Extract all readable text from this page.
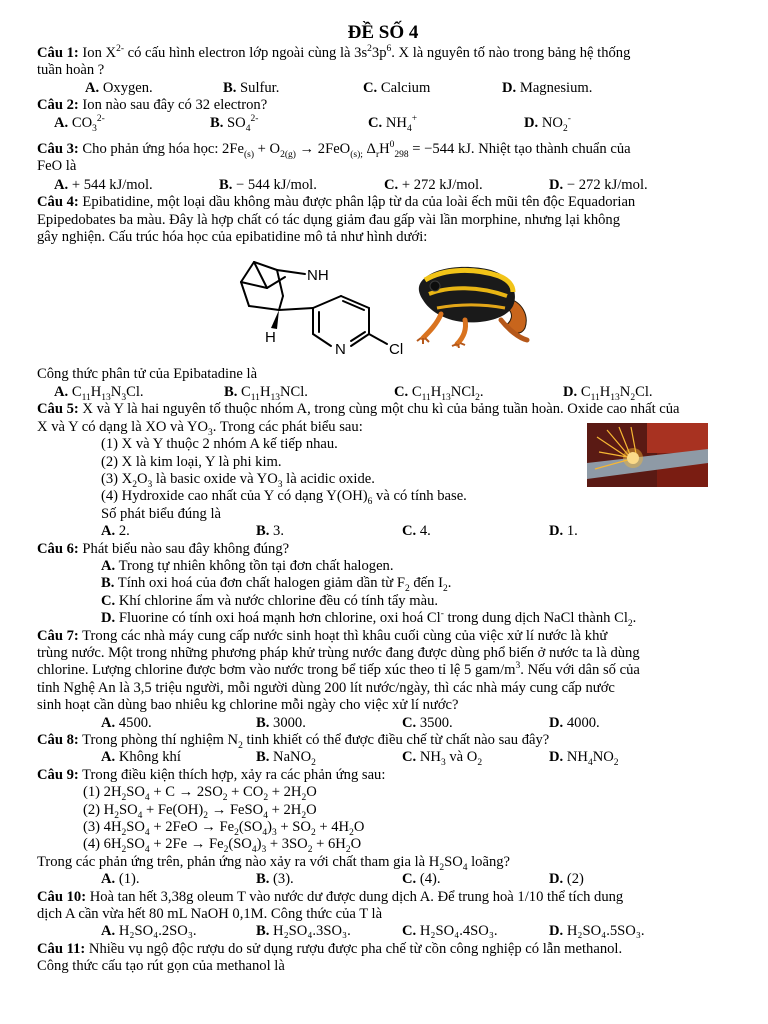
ĐỀ SỐ 4

Câu 1: Ion $X^{2-}$ có cấu hình electron lớp ngoài cùng là $3s^23p^6$. X là nguyên tố nào trong bảng hệ thống

tuần hoàn ?

A. Oxygen.	B. Sulfur.	C. Calcium	D. Magnesium.

Câu 2: Ion nào sau đây có 32 electron?

A. $CO_3^{2-}$	B. $SO_4^{2-}$	C. $NH_4^+$	D. $NO_2^-$

Câu 3: Cho phản ứng hóa học: $2Fe_{(s)} + O_{2(g)} \to 2FeO_{(s);}$ $\Delta_rH^0_{298} = -544$ kJ. Nhiệt tạo thành chuẩn của

FeO là

A. + 544 kJ/mol.	B. − 544 kJ/mol.	C. + 272 kJ/mol.	D. − 272 kJ/mol.

Câu 4: Epibatidine, một loại dầu không màu được phân lập từ da của loài ếch mũi tên độc Equadorian

Epipedobates ba màu. Đây là hợp chất có tác dụng giảm đau gấp vài lần morphine, nhưng lại không

gây nghiện. Cấu trúc hóa học của epibatidine mô tả như hình dưới:

NH
H
N	Cl

Công thức phân tử của Epibatadine là

A. $C_{11}H_{13}N_3Cl$.	B. $C_{11}H_{13}NCl$.	C. $C_{11}H_{13}NCl_2$.	D. $C_{11}H_{13}N_2Cl$.

Câu 5: X và Y là hai nguyên tố thuộc nhóm A, trong cùng một chu kì của bảng tuần hoàn. Oxide cao nhất của

X và Y có dạng là XO và $YO_3$. Trong các phát biểu sau:

(1) X và Y thuộc 2 nhóm A kế tiếp nhau.

(2) X là kim loại, Y là phi kim.

(3) $X_2O_3$ là basic oxide và $YO_3$ là acidic oxide.

(4) Hydroxide cao nhất của Y có dạng $Y(OH)_6$ và có tính base.

Số phát biểu đúng là

A. 2.	B. 3.	C. 4.	D. 1.

Câu 6: Phát biểu nào sau đây không đúng?

A. Trong tự nhiên không tồn tại đơn chất halogen.

B. Tính oxi hoá của đơn chất halogen giảm dần từ $F_2$ đến $I_2$.

C. Khí chlorine ẩm và nước chlorine đều có tính tẩy màu.

D. Fluorine có tính oxi hoá mạnh hơn chlorine, oxi hoá Cl- trong dung dịch NaCl thành $Cl_2$.

Câu 7: Trong các nhà máy cung cấp nước sinh hoạt thì khâu cuối cùng của việc xử lí nước là khử

trùng nước. Một trong những phương pháp khử trùng nước đang được dùng phổ biến ở nước ta là dùng

chlorine. Lượng chlorine được bơm vào nước trong bể tiếp xúc theo tỉ lệ 5 gam/$m^3$. Nếu với dân số của

tỉnh Nghệ An là 3,5 triệu người, mỗi người dùng 200 lít nước/ngày, thì các nhà máy cung cấp nước

sinh hoạt cần dùng bao nhiêu kg chlorine mỗi ngày cho việc xử lí nước?

A. 4500.	B. 3000.	C. 3500.	D. 4000.

Câu 8: Trong phòng thí nghiệm $N_2$ tinh khiết có thể được điều chế từ chất nào sau đây?

A. Không khí	B. NaNO$_2$	C. $NH_3$ và $O_2$	D. $NH_4NO_2$

Câu 9: Trong điều kiện thích hợp, xảy ra các phản ứng sau:

(1) $2H_2SO_4 + C \to 2SO_2 + CO_2 + 2H_2O$

(2) $H_2SO_4 + Fe(OH)_2$ → FeSO$_4$ + $2H_2O$

(3) $4H_2SO_4 + 2FeO \to Fe_2(SO_4)_3 + SO_2 + 4H_2O$

(4) $6H_2SO_4 + 2Fe \to Fe_2(SO_4)_3 + 3SO_2 + 6H_2O$

Trong các phản ứng trên, phản ứng nào xảy ra với chất tham gia là $H_2SO_4$ loãng?

A. (1).	B. (3).	C. (4).	D. (2)

Câu 10: Hoà tan hết 3,38g oleum T vào nước dư được dung dịch A. Để trung hoà 1/10 thể tích dung

dịch A cần vừa hết 80 mL NaOH 0,1M. Công thức của T là

A. H₂SO₄.2SO₃.	B. H₂SO₄.3SO₃.	C. H₂SO₄.4SO₃.	D. H₂SO₄.5SO₃.

Câu 11: Nhiều vụ ngộ độc rượu do sử dụng rượu được pha chế từ cồn công nghiệp có lẫn methanol.

Công thức cấu tạo rút gọn của methanol là
